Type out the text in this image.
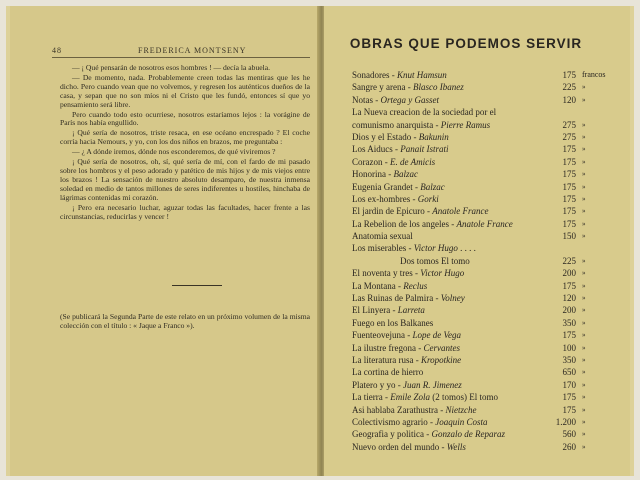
48	FREDERICA MONTSENY

— ¡ Qué pensarán de nosotros esos hombres ! — decía la abuela.

— De momento, nada. Probablemente creen todas las mentiras que les he dicho. Pero cuando vean que no volvemos, y regresen los auténticos dueños de la casa, y sepan que no son míos ni el Cristo que les fundó, entonces sí que yo pensamiento será libre.

Pero cuando todo esto ocurriese, nosotros estaríamos lejos : la vorágine de París nos había engullido.

¡ Qué sería de nosotros, triste resaca, en ese océano encrespado ? El coche corría hacia Nemours, y yo, con los dos niños en brazos, me preguntaba :

— ¿ A dónde iremos, dónde nos esconderemos, de qué viviremos ?

¡ Qué sería de nosotros, oh, sí, qué sería de mí, con el fardo de mi pasado sobre los hombros y el peso adorado y patético de mis hijos y de mis viejos entre los brazos ! La sensación de nuestro absoluto desamparo, de nuestra inmensa soledad en medio de tantos millones de seres indiferentes u hostiles, hinchaba de lágrimas contenidas mi corazón.

¡ Pero era necesario luchar, aguzar todas las facultades, hacer frente a las circunstancias, reducirlas y vencer !

(Se publicará la Segunda Parte de este relato en un próximo volumen de la misma colección con el título : « Jaque a Franco »).
OBRAS QUE PODEMOS SERVIR
Sonadores - Knut Hamsun	175 francos
Sangre y arena - Blasco Ibanez	225 »
Notas - Ortega y Gasset	120 »
La Nueva creacion de la sociedad por el
comunismo anarquista - Pierre Ramus	275 »
Dios y el Estado - Bakunin	275 »
Los Aiducs - Panait Istrati	175 »
Corazon - E. de Amicis	175 »
Honorina - Balzac	175 »
Eugenia Grandet - Balzac	175 »
Los ex-hombres - Gorki	175 »
El jardin de Epicuro - Anatole France	175 »
La Rebelion de los angeles - Anatole France	175 »
Anatomia sexual	150 »
Los miserables - Victor Hugo . . . .
Dos tomos El tomo	225 »
El noventa y tres - Victor Hugo	200 »
La Montana - Reclus	175 »
Las Ruinas de Palmira - Volney	120 »
El Linyera - Larreta	200 »
Fuego en los Balkanes	350 »
Fuenteovejuna - Lope de Vega	175 »
La ilustre fregona - Cervantes	100 »
La literatura rusa - Kropotkine	350 »
La cortina de hierro	650 »
Platero y yo - Juan R. Jimenez	170 »
La tierra - Emile Zola (2 tomos) El tomo	175 »
Asi hablaba Zarathustra - Nietzche	175 »
Colectivismo agrario - Joaquin Costa	1.200 »
Geografia y politica - Gonzalo de Reparaz	560 »
Nuevo orden del mundo - Wells	260 »
